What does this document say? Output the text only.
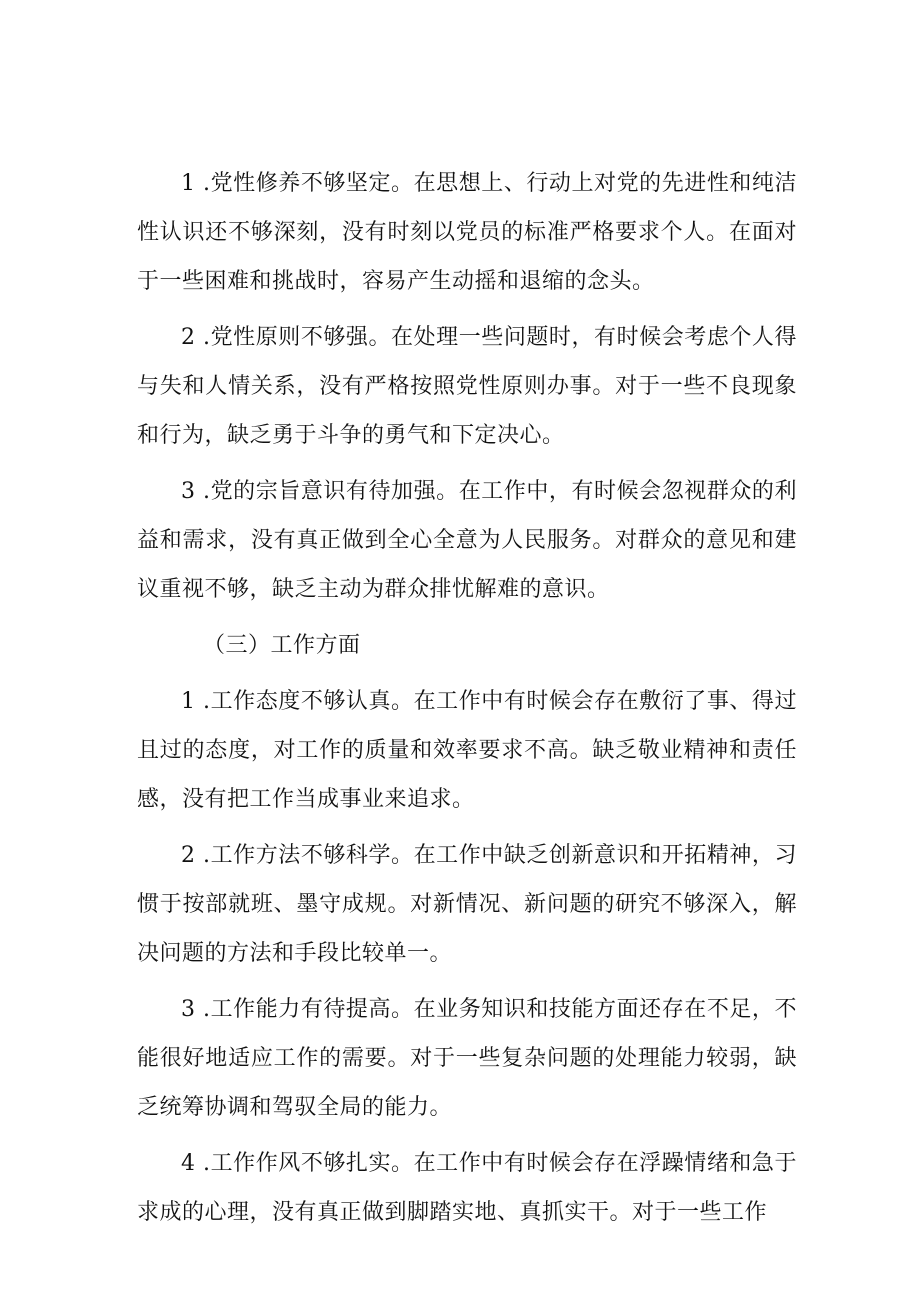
1 .党性修养不够坚定。在思想上、行动上对党的先进性和纯洁性认识还不够深刻，没有时刻以党员的标准严格要求个人。在面对于一些困难和挑战时，容易产生动摇和退缩的念头。

2 .党性原则不够强。在处理一些问题时，有时候会考虑个人得与失和人情关系，没有严格按照党性原则办事。对于一些不良现象和行为，缺乏勇于斗争的勇气和下定决心。

3 .党的宗旨意识有待加强。在工作中，有时候会忽视群众的利益和需求，没有真正做到全心全意为人民服务。对群众的意见和建议重视不够，缺乏主动为群众排忧解难的意识。

（三）工作方面

1 .工作态度不够认真。在工作中有时候会存在敷衍了事、得过且过的态度，对工作的质量和效率要求不高。缺乏敬业精神和责任感，没有把工作当成事业来追求。

2 .工作方法不够科学。在工作中缺乏创新意识和开拓精神，习惯于按部就班、墨守成规。对新情况、新问题的研究不够深入，解决问题的方法和手段比较单一。

3 .工作能力有待提高。在业务知识和技能方面还存在不足，不能很好地适应工作的需要。对于一些复杂问题的处理能力较弱，缺乏统筹协调和驾驭全局的能力。

4 .工作作风不够扎实。在工作中有时候会存在浮躁情绪和急于求成的心理，没有真正做到脚踏实地、真抓实干。对于一些工作
